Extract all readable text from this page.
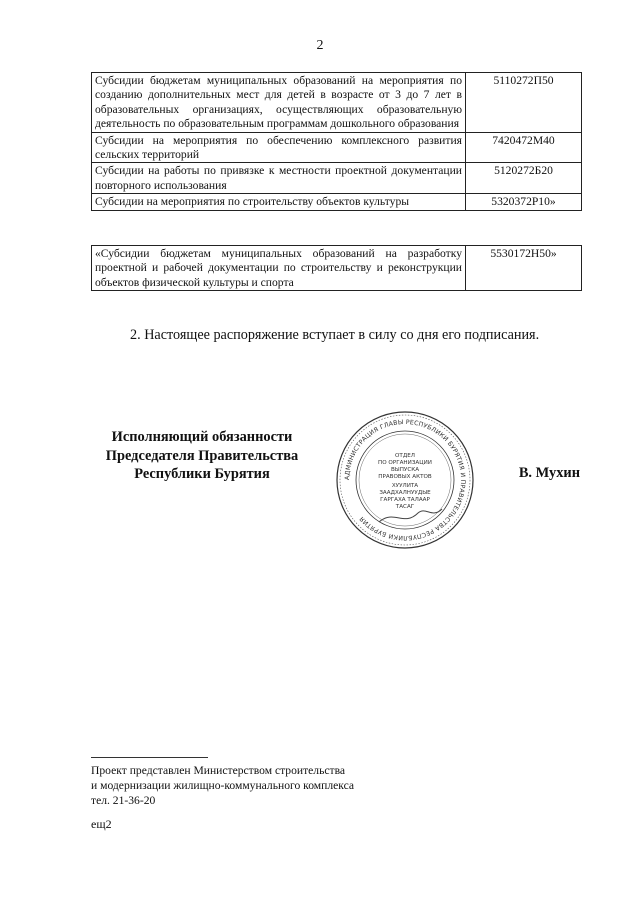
2
Субсидии бюджетам муниципальных образований на мероприятия по созданию дополнительных мест для детей в возрасте от 3 до 7 лет в образовательных организациях, осуществляющих образовательную деятельность по образовательным программам дошкольного образования	5110272П50
Субсидии на мероприятия по обеспечению комплексного развития сельских территорий	7420472М40
Субсидии на работы по привязке к местности проектной документации повторного использования	5120272Б20
Субсидии на мероприятия по строительству объектов культуры	5320372Р10»
«Субсидии бюджетам муниципальных образований на разработку проектной и рабочей документации по строительству и реконструкции объектов физической культуры и спорта	5530172Н50»
2. Настоящее распоряжение вступает в силу со дня его подписания.
Исполняющий обязанности
Председателя Правительства
Республики Бурятия	АДМИНИСТРАЦИЯ ГЛАВЫ РЕСПУБЛИКИ БУРЯТИЯ И ПРАВИТЕЛЬСТВА РЕСПУБЛИКИ БУРЯТИЯ
ОТДЕЛ
ПО ОРГАНИЗАЦИИ
ВЫПУСКА
ПРАВОВЫХ АКТОВ
ХУУЛИТА
ЗААДХАЛНУУДЫЕ
ГАРГАХА ТАЛААР
ТАСАГ
В. Мухин
Проект представлен Министерством строительства
и модернизации жилищно-коммунального комплекса
тел. 21-36-20
ещ2
